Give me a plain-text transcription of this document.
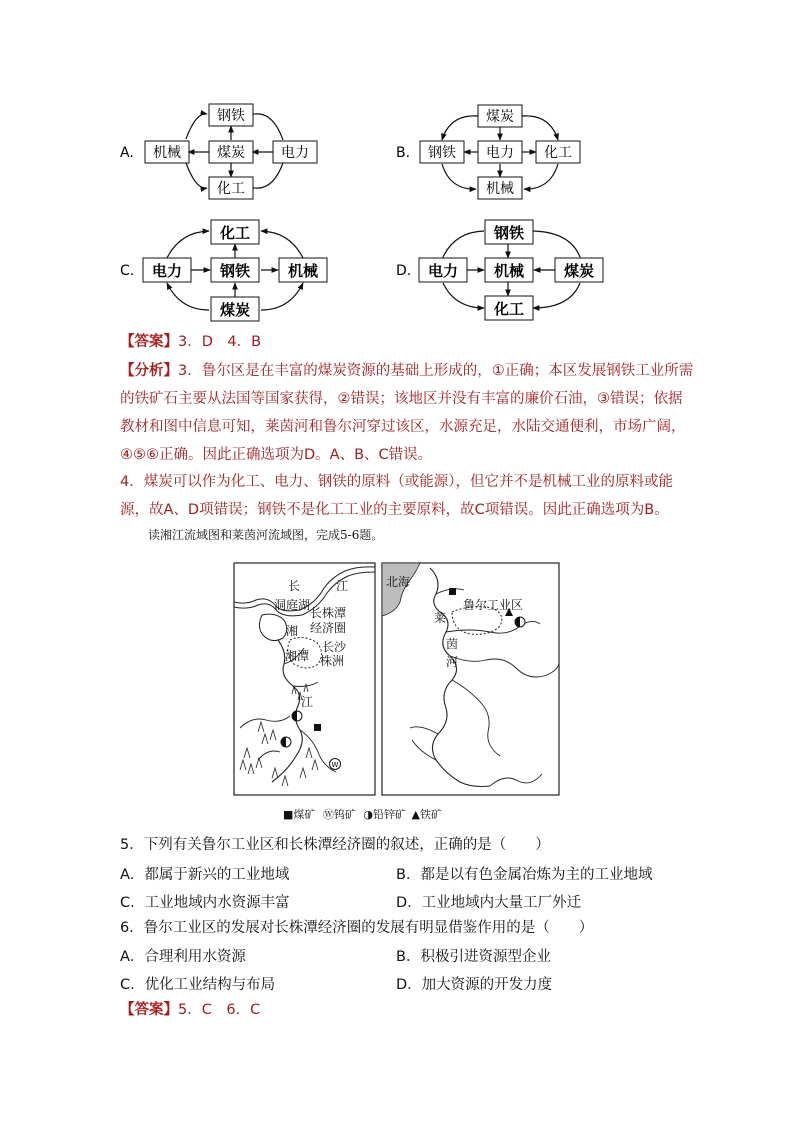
A.
钢铁
机械	煤炭	电力
化工
B.
煤炭
钢铁 电力 化工
机械
C.
化工
电力	钢铁	机械
煤炭
D.
钢铁
电力 机械	煤炭
化工
【答案】3．D　4．B
【分析】3．鲁尔区是在丰富的煤炭资源的基础上形成的，①正确；本区发展钢铁工业所需
的铁矿石主要从法国等国家获得，②错误；该地区并没有丰富的廉价石油，③错误；依据
教材和图中信息可知，莱茵河和鲁尔河穿过该区，水源充足，水陆交通便利，市场广阔，
④⑤⑥正确。因此正确选项为D。A、B、C错误。
4．煤炭可以作为化工、电力、钢铁的原料（或能源），但它并不是机械工业的原料或能
源，故A、D项错误；钢铁不是化工工业的主要原料，故C项错误。因此正确选项为B。
读湘江流域图和莱茵河流域图，完成5-6题。
W
长	江
洞庭湖
湘
长株潭
经济圈
长沙
株洲
湘潭
江
北海
鲁尔工业区
莱
茵
河
■煤矿 Ⓦ钨矿 ◑铅锌矿 ▲铁矿
5．下列有关鲁尔工业区和长株潭经济圈的叙述，正确的是（　　）
A．都属于新兴的工业地域	B．都是以有色金属冶炼为主的工业地域
C．工业地域内水资源丰富	D．工业地域内大量工厂外迁
6．鲁尔工业区的发展对长株潭经济圈的发展有明显借鉴作用的是（　　）
A．合理利用水资源	B．积极引进资源型企业
C．优化工业结构与布局	D．加大资源的开发力度
【答案】5．C　6．C
